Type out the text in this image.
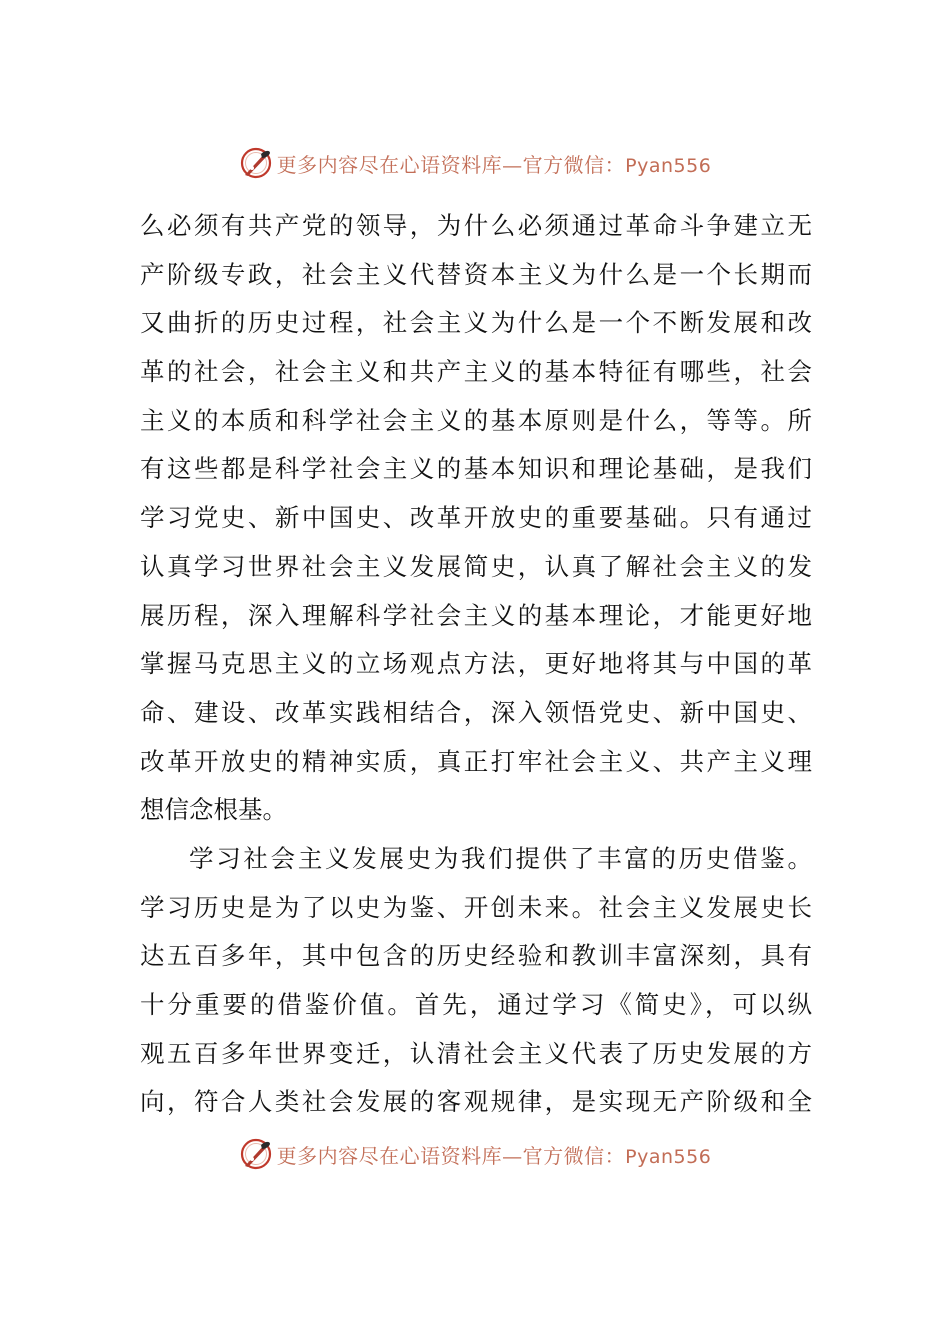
更多内容尽在心语资料库—官方微信：Pyan556
么必须有共产党的领导，为什么必须通过革命斗争建立无
产阶级专政，社会主义代替资本主义为什么是一个长期而
又曲折的历史过程，社会主义为什么是一个不断发展和改
革的社会，社会主义和共产主义的基本特征有哪些，社会
主义的本质和科学社会主义的基本原则是什么，等等。所
有这些都是科学社会主义的基本知识和理论基础，是我们
学习党史、新中国史、改革开放史的重要基础。只有通过
认真学习世界社会主义发展简史，认真了解社会主义的发
展历程，深入理解科学社会主义的基本理论，才能更好地
掌握马克思主义的立场观点方法，更好地将其与中国的革
命、建设、改革实践相结合，深入领悟党史、新中国史、
改革开放史的精神实质，真正打牢社会主义、共产主义理
想信念根基。
学习社会主义发展史为我们提供了丰富的历史借鉴。
学习历史是为了以史为鉴、开创未来。社会主义发展史长
达五百多年，其中包含的历史经验和教训丰富深刻，具有
十分重要的借鉴价值。首先，通过学习《简史》，可以纵
观五百多年世界变迁，认清社会主义代表了历史发展的方
向，符合人类社会发展的客观规律，是实现无产阶级和全
更多内容尽在心语资料库—官方微信：Pyan556
